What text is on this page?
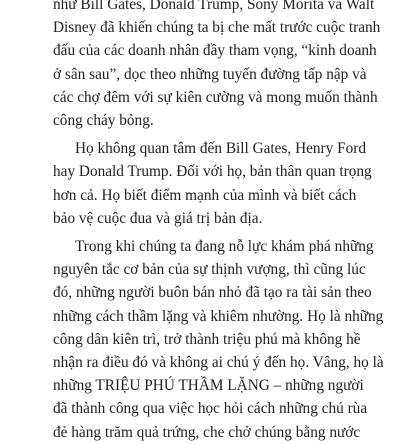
như Bill Gates, Donald Trump, Sony Morita và Walt
Disney đã khiến chúng ta bị che mất trước cuộc tranh
đấu của các doanh nhân đầy tham vọng, “kinh doanh
ở sân sau”, dọc theo những tuyến đường tấp nập và
các chợ đêm với sự kiên cường và mong muốn thành
công cháy bỏng.
Họ không quan tâm đến Bill Gates, Henry Ford
hay Donald Trump. Đối với họ, bản thân quan trọng
hơn cả. Họ biết điểm mạnh của mình và biết cách
bảo vệ cuộc đua và giá trị bản địa.
Trong khi chúng ta đang nỗ lực khám phá những
nguyên tắc cơ bản của sự thịnh vượng, thì cũng lúc
đó, những người buôn bán nhỏ đã tạo ra tài sản theo
những cách thầm lặng và khiêm nhường. Họ là những
công dân kiên trì, trở thành triệu phú mà không hề
nhận ra điều đó và không ai chú ý đến họ. Vâng, họ là
những TRIỆU PHÚ THẦM LẶNG – những người
đã thành công qua việc học hỏi cách những chú rùa
đẻ hàng trăm quả trứng, che chở chúng bằng nước
